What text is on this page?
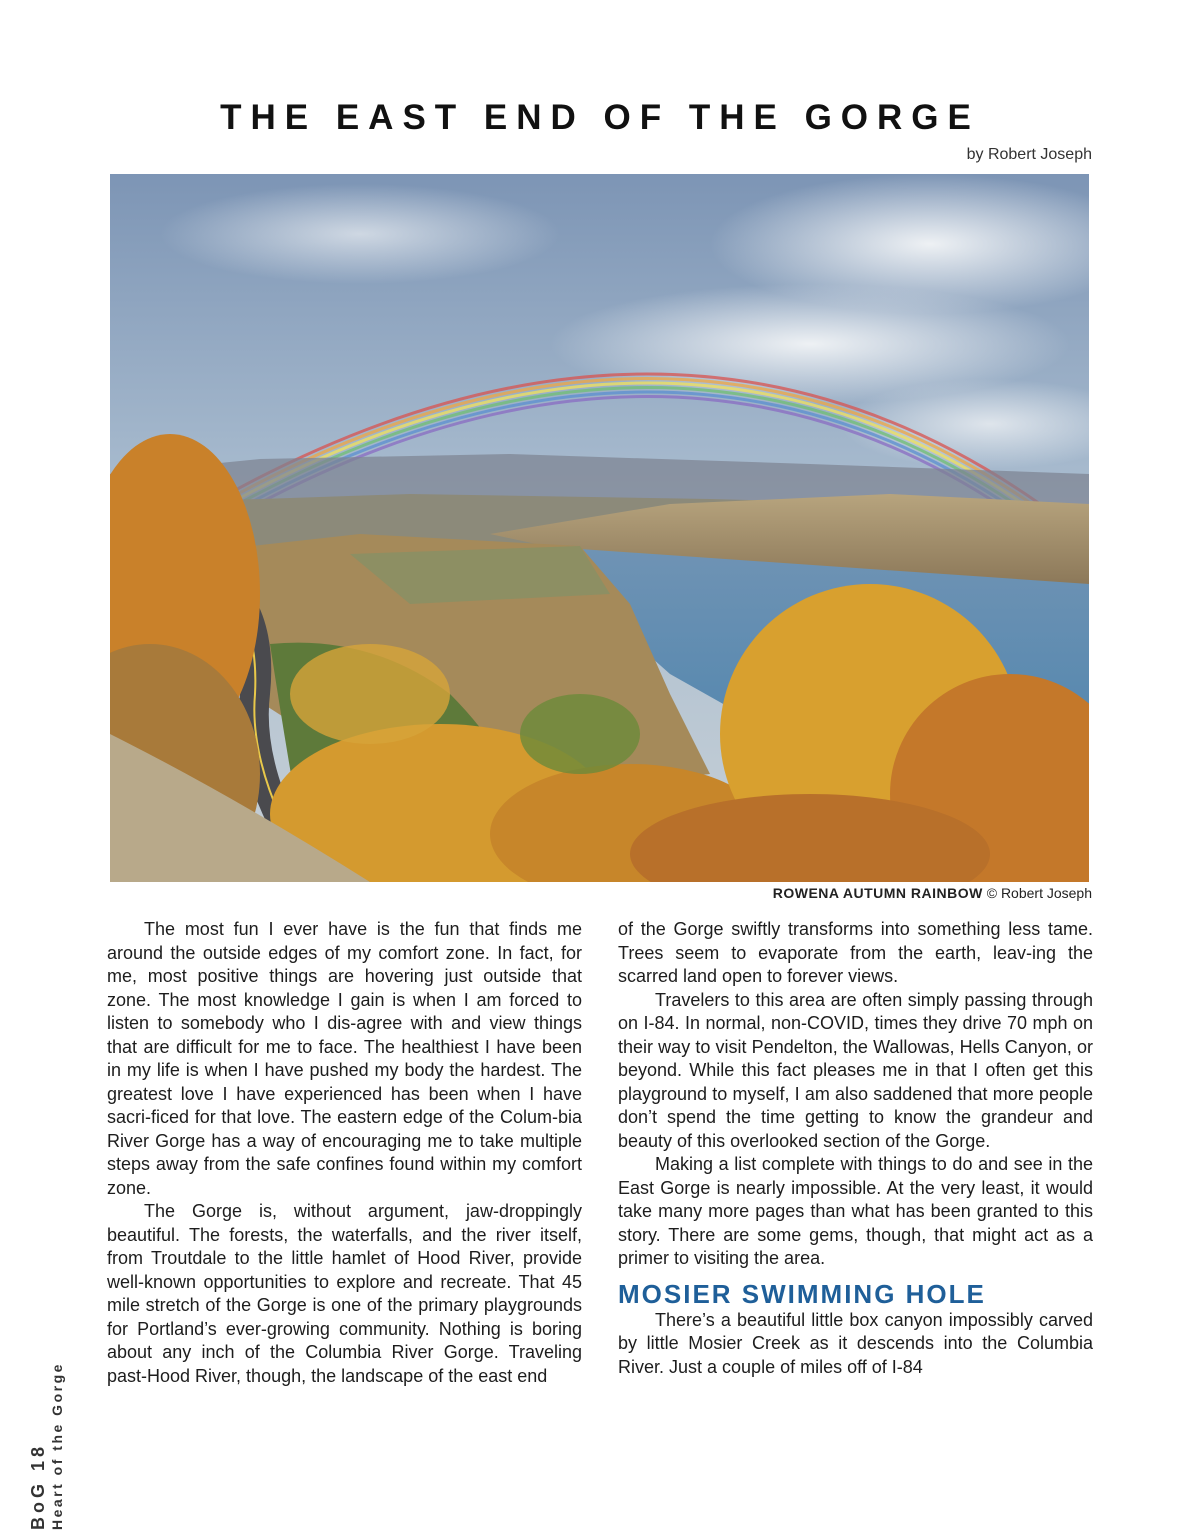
THE EAST END OF THE GORGE
by Robert Joseph
ROWENA AUTUMN RAINBOW © Robert Joseph

The most fun I ever have is the fun that finds me around the outside edges of my comfort zone. In fact, for me, most positive things are hovering just outside that zone. The most knowledge I gain is when I am forced to listen to somebody who I dis-agree with and view things that are difficult for me to face. The healthiest I have been in my life is when I have pushed my body the hardest. The greatest love I have experienced has been when I have sacri-ficed for that love. The eastern edge of the Colum-bia River Gorge has a way of encouraging me to take multiple steps away from the safe confines found within my comfort zone.

The Gorge is, without argument, jaw-droppingly beautiful. The forests, the waterfalls, and the river itself, from Troutdale to the little hamlet of Hood River, provide well-known opportunities to explore and recreate. That 45 mile stretch of the Gorge is one of the primary playgrounds for Portland’s ever-growing community. Nothing is boring about any inch of the Columbia River Gorge. Traveling past-Hood River, though, the landscape of the east end

of the Gorge swiftly transforms into something less tame. Trees seem to evaporate from the earth, leav-ing the scarred land open to forever views.

Travelers to this area are often simply passing through on I-84. In normal, non-COVID, times they drive 70 mph on their way to visit Pendelton, the Wallowas, Hells Canyon, or beyond. While this fact pleases me in that I often get this playground to myself, I am also saddened that more people don’t spend the time getting to know the grandeur and beauty of this overlooked section of the Gorge.

Making a list complete with things to do and see in the East Gorge is nearly impossible. At the very least, it would take many more pages than what has been granted to this story. There are some gems, though, that might act as a primer to visiting the area.

MOSIER SWIMMING HOLE

There’s a beautiful little box canyon impossibly carved by little Mosier Creek as it descends into the Columbia River. Just a couple of miles off of I-84

BoG 18 Heart of the Gorge
